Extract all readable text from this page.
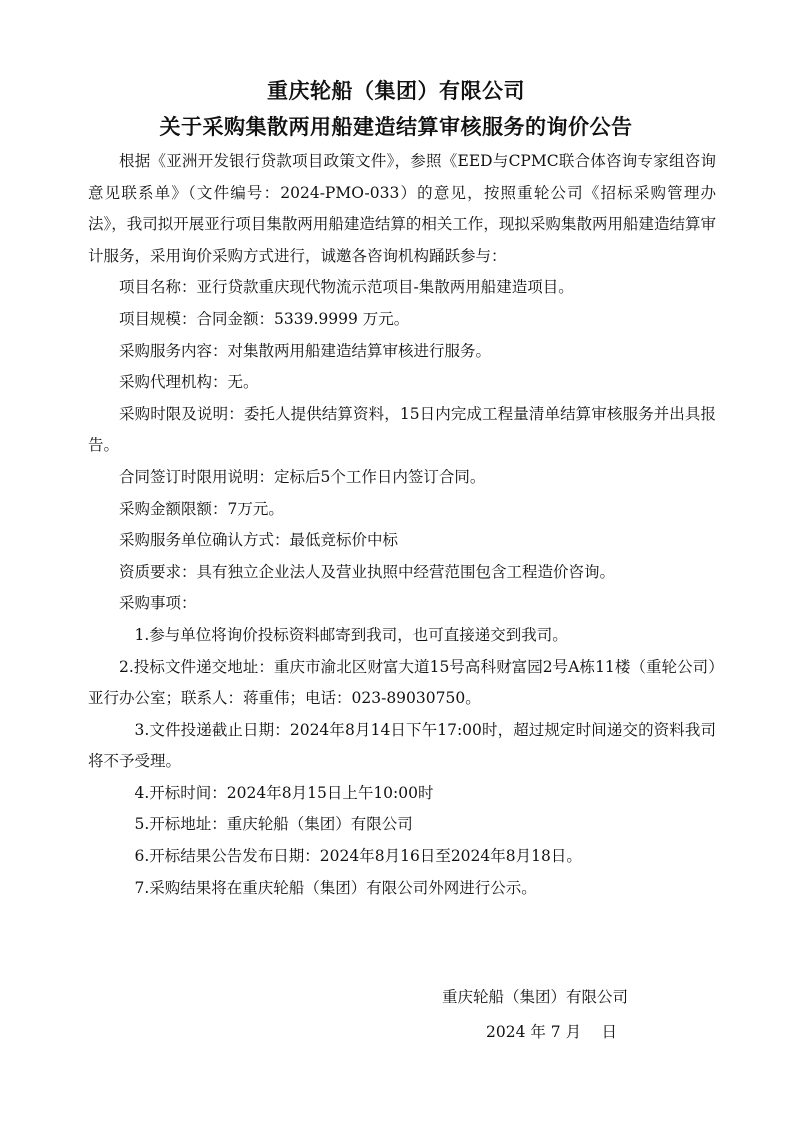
重庆轮船（集团）有限公司
关于采购集散两用船建造结算审核服务的询价公告

根据《亚洲开发银行贷款项目政策文件》，参照《EED与CPMC联合体咨询专家组咨询意见联系单》（文件编号：2024-PMO-033）的意见，按照重轮公司《招标采购管理办法》，我司拟开展亚行项目集散两用船建造结算的相关工作，现拟采购集散两用船建造结算审计服务，采用询价采购方式进行，诚邀各咨询机构踊跃参与：

项目名称：亚行贷款重庆现代物流示范项目-集散两用船建造项目。

项目规模：合同金额：5339.9999 万元。

采购服务内容：对集散两用船建造结算审核进行服务。

采购代理机构：无。

采购时限及说明：委托人提供结算资料，15日内完成工程量清单结算审核服务并出具报告。

合同签订时限用说明：定标后5个工作日内签订合同。

采购金额限额：7万元。

采购服务单位确认方式：最低竞标价中标

资质要求：具有独立企业法人及营业执照中经营范围包含工程造价咨询。

采购事项：

1.参与单位将询价投标资料邮寄到我司，也可直接递交到我司。

2.投标文件递交地址：重庆市渝北区财富大道15号高科财富园2号A栋11楼（重轮公司）亚行办公室；联系人：蒋重伟；电话：023-89030750。

3.文件投递截止日期：2024年8月14日下午17:00时，超过规定时间递交的资料我司将不予受理。

4.开标时间：2024年8月15日上午10:00时

5.开标地址：重庆轮船（集团）有限公司

6.开标结果公告发布日期：2024年8月16日至2024年8月18日。

7.采购结果将在重庆轮船（集团）有限公司外网进行公示。

重庆轮船（集团）有限公司
2024 年 7 月　 日
